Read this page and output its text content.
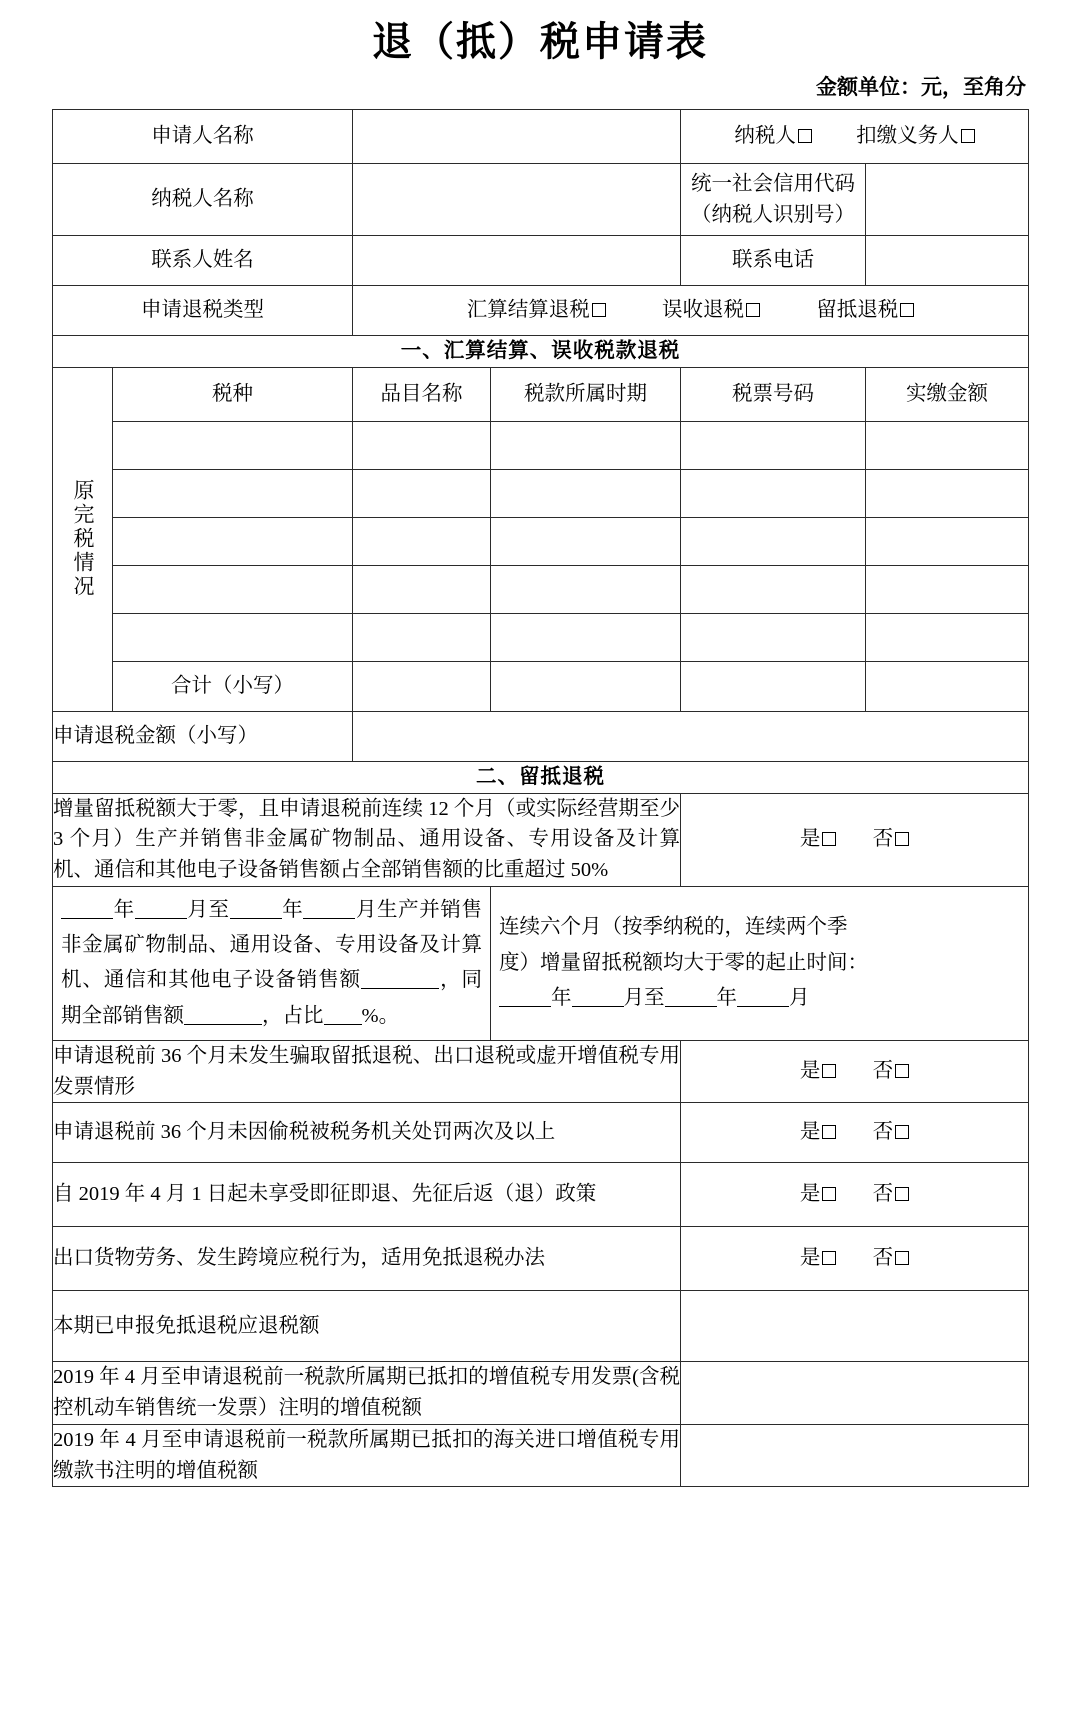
退（抵）税申请表
金额单位：元，至角分
申请人名称				纳税人 扣缴义务人	
纳税人名称				统一社会信用代码
（纳税人识别号）	

联系人姓名				联系电话	
申请退税类型		汇算结算退税 误收退税 留抵退税			
一、汇算结算、误收税款退税					

原完税情况	税种	品目名称	税款所属时期	税票号码	实缴金额

	合计（小写）				
申请退税金额（小写）					
二、留抵退税					
增量留抵税额大于零，且申请退税前连续 12 个月（或实际经营期至少 3 个月）生产并销售非金属矿物制品、通用设备、专用设备及计算机、通信和其他电子设备销售额占全部销售额的比重超过 50%				是 否	
年 月至 年 月生产并销售非金属矿物制品、通用设备、专用设备及计算机、通信和其他电子设备销售额 ，同期全部销售额 ，占比 %。			连续六个月（按季纳税的，连续两个季
度）增量留抵税额均大于零的起止时间：
年 月至 年 月		

申请退税前 36 个月未发生骗取留抵退税、出口退税或虚开增值税专用发票情形				是 否	
申请退税前 36 个月未因偷税被税务机关处罚两次及以上				是 否	
自 2019 年 4 月 1 日起未享受即征即退、先征后返（退）政策				是 否	
出口货物劳务、发生跨境应税行为，适用免抵退税办法				是 否	
本期已申报免抵退税应退税额					
2019 年 4 月至申请退税前一税款所属期已抵扣的增值税专用发票(含税控机动车销售统一发票）注明的增值税额					
2019 年 4 月至申请退税前一税款所属期已抵扣的海关进口增值税专用缴款书注明的增值税额					
